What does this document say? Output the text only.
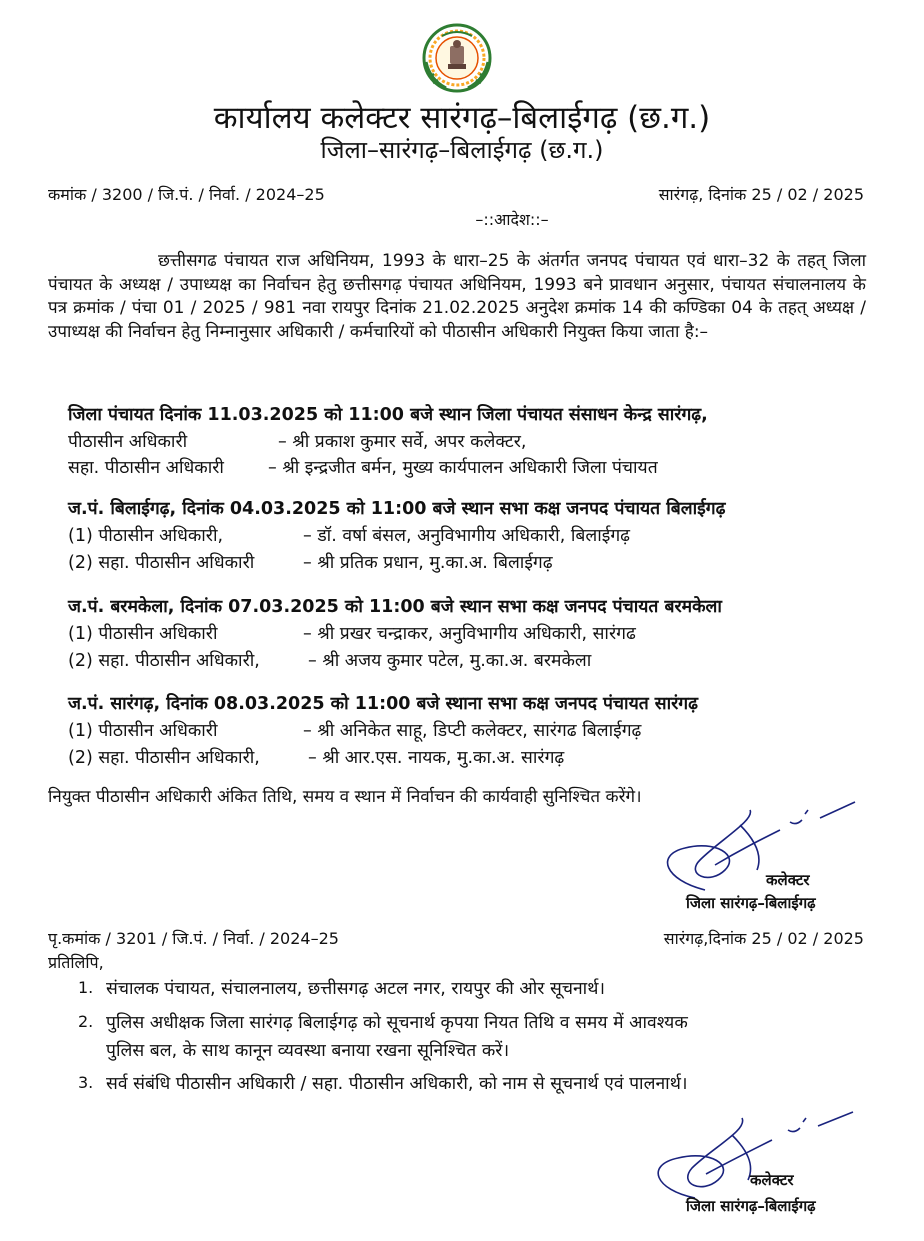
कार्यालय कलेक्टर सारंगढ़–बिलाईगढ़ (छ.ग.)
जिला–सारंगढ़–बिलाईगढ़ (छ.ग.)
कमांक / 3200 / जि.पं. / निर्वा. / 2024–25	सारंगढ़, दिनांक 25 / 02 / 2025
–::आदेश::–
छत्तीसगढ पंचायत राज अधिनियम, 1993 के धारा–25 के अंतर्गत जनपद पंचायत एवं धारा–32 के तहत् जिला पंचायत के अध्यक्ष / उपाध्यक्ष का निर्वाचन हेतु छत्तीसगढ़ पंचायत अधिनियम, 1993 बने प्रावधान अनुसार, पंचायत संचालनालय के पत्र क्रमांक / पंचा 01 / 2025 / 981 नवा रायपुर दिनांक 21.02.2025 अनुदेश क्रमांक 14 की कण्डिका 04 के तहत् अध्यक्ष / उपाध्यक्ष की निर्वाचन हेतु निम्नानुसार अधिकारी / कर्मचारियों को पीठासीन अधिकारी नियुक्त किया जाता है:–
जिला पंचायत दिनांक 11.03.2025 को 11:00 बजे स्थान जिला पंचायत संसाधन केन्द्र सारंगढ़,
पीठासीन अधिकारी	– श्री प्रकाश कुमार सर्वे, अपर कलेक्टर,
सहा. पीठासीन अधिकारी	– श्री इन्द्रजीत बर्मन, मुख्य कार्यपालन अधिकारी जिला पंचायत
ज.पं. बिलाईगढ़, दिनांक 04.03.2025 को 11:00 बजे स्थान सभा कक्ष जनपद पंचायत बिलाईगढ़
(1) पीठासीन अधिकारी,	– डॉ. वर्षा बंसल, अनुविभागीय अधिकारी, बिलाईगढ़
(2) सहा. पीठासीन अधिकारी	– श्री प्रतिक प्रधान, मु.का.अ. बिलाईगढ़
ज.पं. बरमकेला, दिनांक 07.03.2025 को 11:00 बजे स्थान सभा कक्ष जनपद पंचायत बरमकेला
(1) पीठासीन अधिकारी	– श्री प्रखर चन्द्राकर, अनुविभागीय अधिकारी, सारंगढ
(2) सहा. पीठासीन अधिकारी,	– श्री अजय कुमार पटेल, मु.का.अ. बरमकेला
ज.पं. सारंगढ़, दिनांक 08.03.2025 को 11:00 बजे स्थाना सभा कक्ष जनपद पंचायत सारंगढ़
(1) पीठासीन अधिकारी	– श्री अनिकेत साहू, डिप्टी कलेक्टर, सारंगढ बिलाईगढ़
(2) सहा. पीठासीन अधिकारी,	– श्री आर.एस. नायक, मु.का.अ. सारंगढ़
नियुक्त पीठासीन अधिकारी अंकित तिथि, समय व स्थान में निर्वाचन की कार्यवाही सुनिश्चित करेंगे।
कलेक्टर
जिला सारंगढ़–बिलाईगढ़
पृ.कमांक / 3201 / जि.पं. / निर्वा. / 2024–25	सारंगढ़,दिनांक 25 / 02 / 2025
प्रतिलिपि,
1. संचालक पंचायत, संचालनालय, छत्तीसगढ़ अटल नगर, रायपुर की ओर सूचनार्थ।
2. पुलिस अधीक्षक जिला सारंगढ़ बिलाईगढ़ को सूचनार्थ कृपया नियत तिथि व समय में आवश्यक
पुलिस बल, के साथ कानून व्यवस्था बनाया रखना सूनिश्चित करें।
3. सर्व संबंधि पीठासीन अधिकारी / सहा. पीठासीन अधिकारी, को नाम से सूचनार्थ एवं पालनार्थ।
कलेक्टर
जिला सारंगढ़–बिलाईगढ़
